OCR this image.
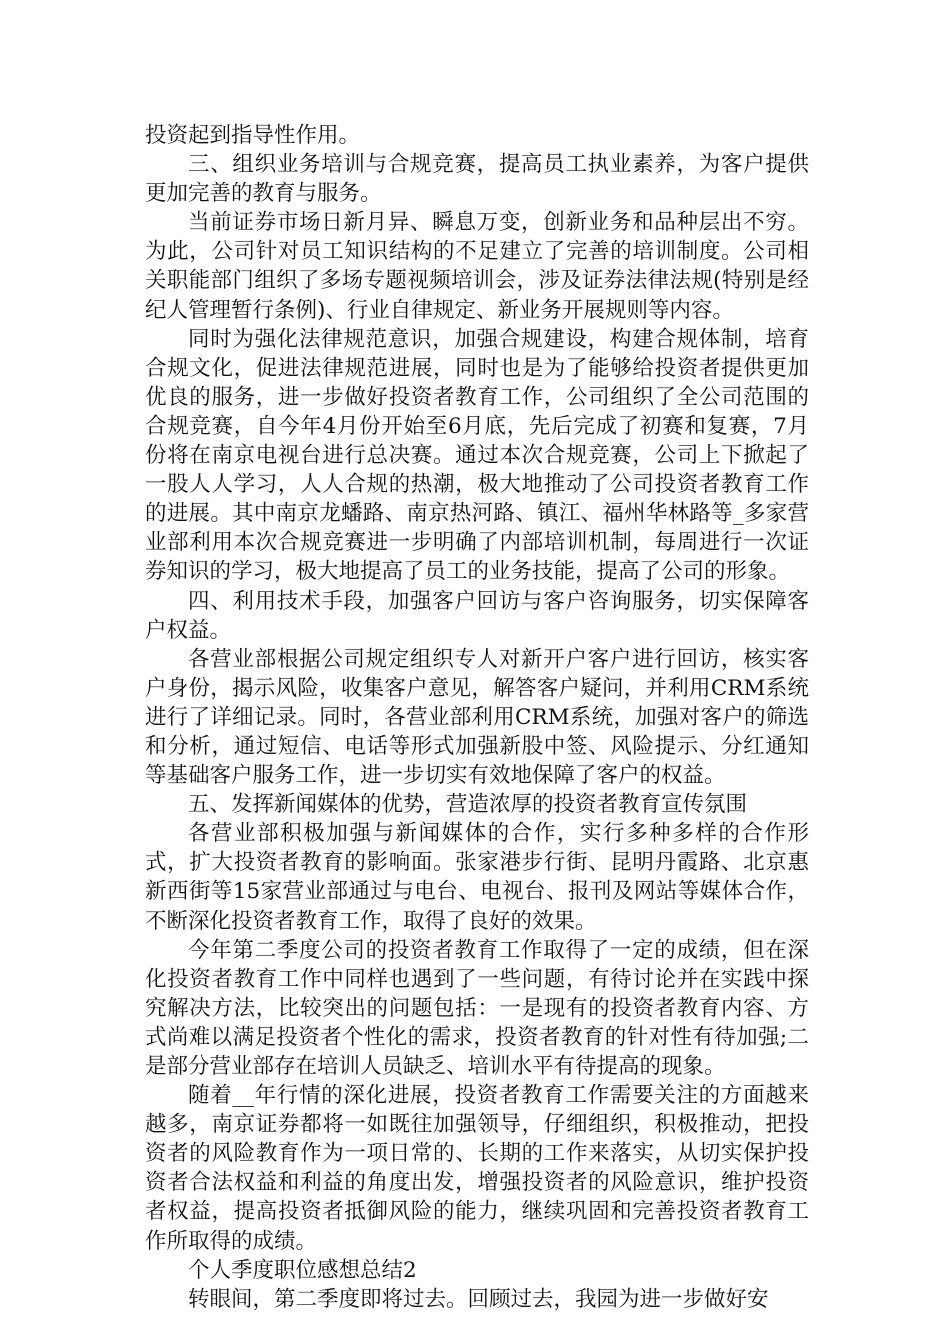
投资起到指导性作用。

三、组织业务培训与合规竞赛，提高员工执业素养，为客户提供更加完善的教育与服务。

当前证券市场日新月异、瞬息万变，创新业务和品种层出不穷。为此，公司针对员工知识结构的不足建立了完善的培训制度。公司相关职能部门组织了多场专题视频培训会，涉及证券法律法规(特别是经纪人管理暂行条例)、行业自律规定、新业务开展规则等内容。

同时为强化法律规范意识，加强合规建设，构建合规体制，培育合规文化，促进法律规范进展，同时也是为了能够给投资者提供更加优良的服务，进一步做好投资者教育工作，公司组织了全公司范围的合规竞赛，自今年4月份开始至6月底，先后完成了初赛和复赛，7月份将在南京电视台进行总决赛。通过本次合规竞赛，公司上下掀起了一股人人学习，人人合规的热潮，极大地推动了公司投资者教育工作的进展。其中南京龙蟠路、南京热河路、镇江、福州华林路等_多家营业部利用本次合规竞赛进一步明确了内部培训机制，每周进行一次证券知识的学习，极大地提高了员工的业务技能，提高了公司的形象。

四、利用技术手段，加强客户回访与客户咨询服务，切实保障客户权益。

各营业部根据公司规定组织专人对新开户客户进行回访，核实客户身份，揭示风险，收集客户意见，解答客户疑问，并利用CRM系统进行了详细记录。同时，各营业部利用CRM系统，加强对客户的筛选和分析，通过短信、电话等形式加强新股中签、风险提示、分红通知等基础客户服务工作，进一步切实有效地保障了客户的权益。

五、发挥新闻媒体的优势，营造浓厚的投资者教育宣传氛围

各营业部积极加强与新闻媒体的合作，实行多种多样的合作形式，扩大投资者教育的影响面。张家港步行街、昆明丹霞路、北京惠新西街等15家营业部通过与电台、电视台、报刊及网站等媒体合作，不断深化投资者教育工作，取得了良好的效果。

今年第二季度公司的投资者教育工作取得了一定的成绩，但在深化投资者教育工作中同样也遇到了一些问题，有待讨论并在实践中探究解决方法，比较突出的问题包括：一是现有的投资者教育内容、方式尚难以满足投资者个性化的需求，投资者教育的针对性有待加强;二是部分营业部存在培训人员缺乏、培训水平有待提高的现象。

随着__年行情的深化进展，投资者教育工作需要关注的方面越来越多，南京证券都将一如既往加强领导，仔细组织，积极推动，把投资者的风险教育作为一项日常的、长期的工作来落实，从切实保护投资者合法权益和利益的角度出发，增强投资者的风险意识，维护投资者权益，提高投资者抵御风险的能力，继续巩固和完善投资者教育工作所取得的成绩。

个人季度职位感想总结2

转眼间，第二季度即将过去。回顾过去，我园为进一步做好安
